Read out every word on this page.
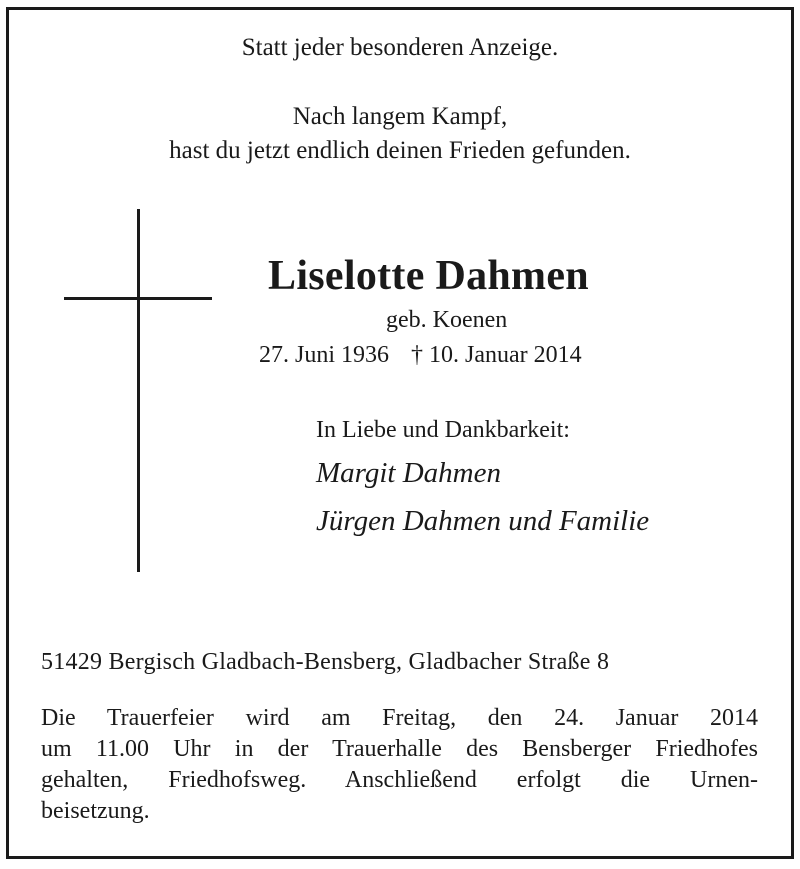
Statt jeder besonderen Anzeige.
Nach langem Kampf,
hast du jetzt endlich deinen Frieden gefunden.
Liselotte Dahmen
geb. Koenen
27. Juni 1936 † 10. Januar 2014
In Liebe und Dankbarkeit:
Margit Dahmen
Jürgen Dahmen und Familie
51429 Bergisch Gladbach-Bensberg, Gladbacher Straße 8
Die Trauerfeier wird am Freitag, den 24. Januar 2014
um 11.00 Uhr in der Trauerhalle des Bensberger Friedhofes
gehalten, Friedhofsweg. Anschließend erfolgt die Urnen-
beisetzung.
